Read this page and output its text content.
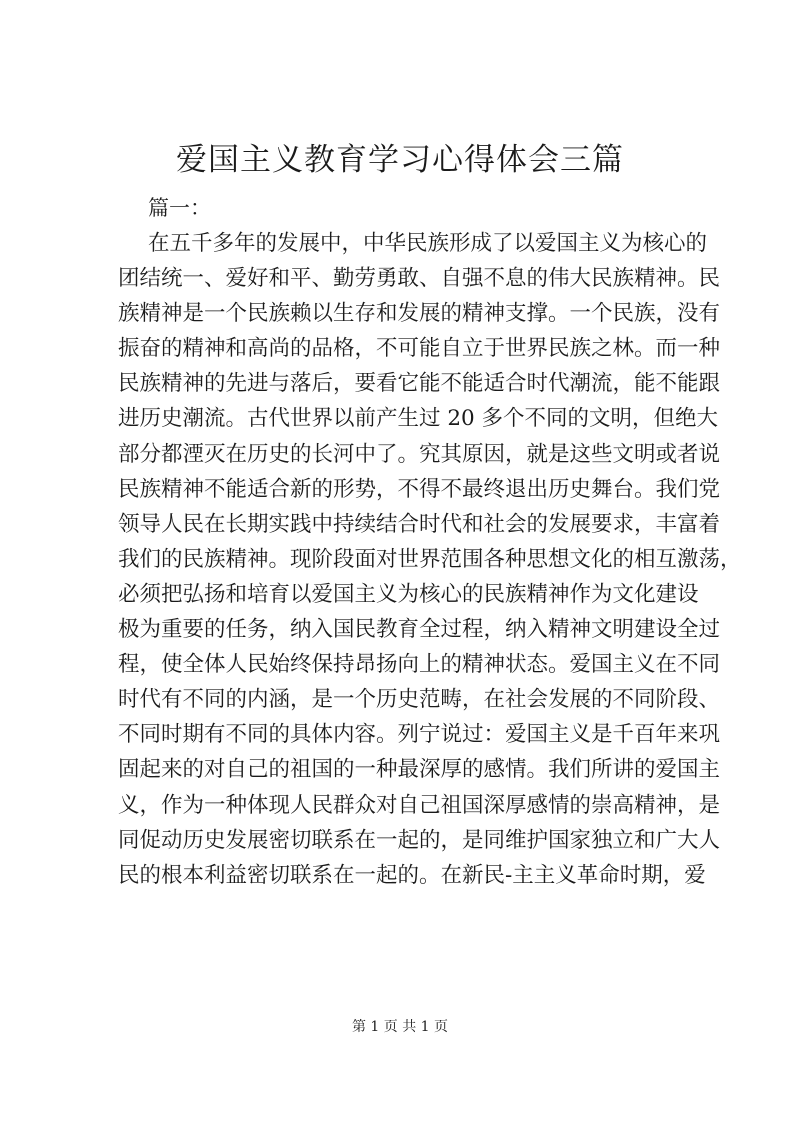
爱国主义教育学习心得体会三篇

篇一：

在五千多年的发展中，中华民族形成了以爱国主义为核心的
团结统一、爱好和平、勤劳勇敢、自强不息的伟大民族精神。民
族精神是一个民族赖以生存和发展的精神支撑。一个民族，没有
振奋的精神和高尚的品格，不可能自立于世界民族之林。而一种
民族精神的先进与落后，要看它能不能适合时代潮流，能不能跟
进历史潮流。古代世界以前产生过 20 多个不同的文明，但绝大
部分都湮灭在历史的长河中了。究其原因，就是这些文明或者说
民族精神不能适合新的形势，不得不最终退出历史舞台。我们党
领导人民在长期实践中持续结合时代和社会的发展要求，丰富着
我们的民族精神。现阶段面对世界范围各种思想文化的相互激荡，
必须把弘扬和培育以爱国主义为核心的民族精神作为文化建设
极为重要的任务，纳入国民教育全过程，纳入精神文明建设全过
程，使全体人民始终保持昂扬向上的精神状态。爱国主义在不同
时代有不同的内涵，是一个历史范畴，在社会发展的不同阶段、
不同时期有不同的具体内容。列宁说过：爱国主义是千百年来巩
固起来的对自己的祖国的一种最深厚的感情。我们所讲的爱国主
义，作为一种体现人民群众对自己祖国深厚感情的崇高精神，是
同促动历史发展密切联系在一起的，是同维护国家独立和广大人
民的根本利益密切联系在一起的。在新民-主主义革命时期，爱
第 1 页 共 1 页
